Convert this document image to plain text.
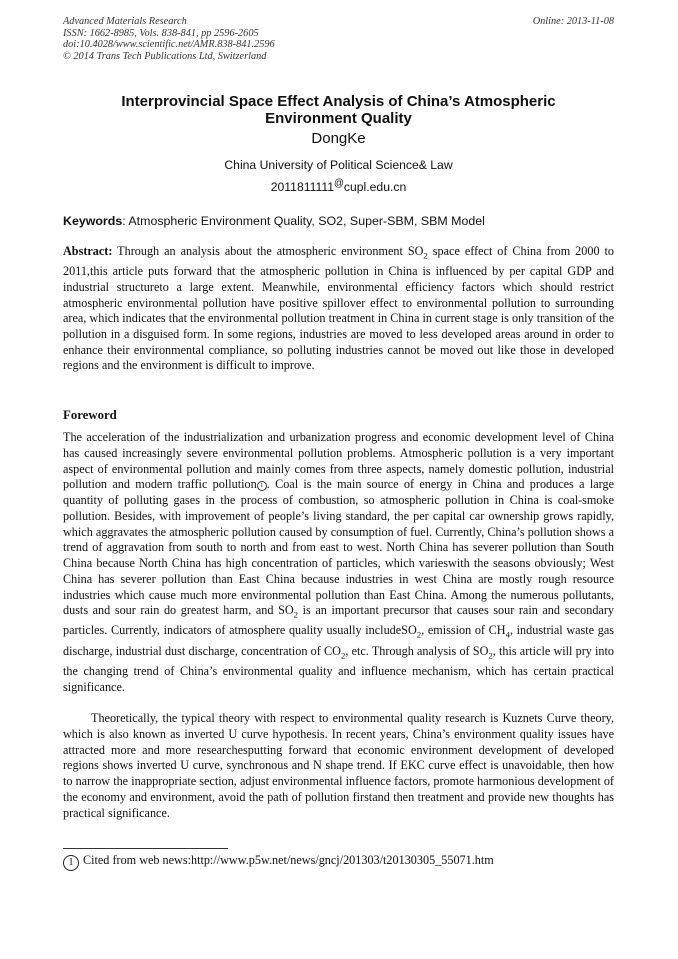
Advanced Materials Research
ISSN: 1662-8985, Vols. 838-841, pp 2596-2605
doi:10.4028/www.scientific.net/AMR.838-841.2596
© 2014 Trans Tech Publications Ltd, Switzerland
Online: 2013-11-08
Interprovincial Space Effect Analysis of China’s Atmospheric
Environment Quality
DongKe
China University of Political Science& Law
2011811111@cupl.edu.cn
Keywords: Atmospheric Environment Quality, SO2, Super-SBM, SBM Model

Abstract: Through an analysis about the atmospheric environment $SO_2$ space effect of China from 2000 to 2011,this article puts forward that the atmospheric pollution in China is influenced by per capital GDP and industrial structureto a large extent. Meanwhile, environmental efficiency factors which should restrict atmospheric environmental pollution have positive spillover effect to environmental pollution to surrounding area, which indicates that the environmental pollution treatment in China in current stage is only transition of the pollution in a disguised form. In some regions, industries are moved to less developed areas around in order to enhance their environmental compliance, so polluting industries cannot be moved out like those in developed regions and the environment is difficult to improve.

Foreword

The acceleration of the industrialization and urbanization progress and economic development level of China has caused increasingly severe environmental pollution problems. Atmospheric pollution is a very important aspect of environmental pollution and mainly comes from three aspects, namely domestic pollution, industrial pollution and modern traffic pollution 1 . Coal is the main source of energy in China and produces a large quantity of polluting gases in the process of combustion, so atmospheric pollution in China is coal-smoke pollution. Besides, with improvement of people’s living standard, the per capital car ownership grows rapidly, which aggravates the atmospheric pollution caused by consumption of fuel. Currently, China’s pollution shows a trend of aggravation from south to north and from east to west. North China has severer pollution than South China because North China has high concentration of particles, which varieswith the seasons obviously; West China has severer pollution than East China because industries in west China are mostly rough resource industries which cause much more environmental pollution than East China. Among the numerous pollutants, dusts and sour rain do greatest harm, and $SO_2$ is an important precursor that causes sour rain and secondary particles. Currently, indicators of atmosphere quality usually includeSO$_2$, emission of $CH_4$, industrial waste gas discharge, industrial dust discharge, concentration of $CO_2$, etc. Through analysis of $SO_2$, this article will pry into the changing trend of China’s environmental quality and influence mechanism, which has certain practical significance.

Theoretically, the typical theory with respect to environmental quality research is Kuznets Curve theory, which is also known as inverted U curve hypothesis. In recent years, China’s environment quality issues have attracted more and more researchesputting forward that economic environment development of developed regions shows inverted U curve, synchronous and N shape trend. If EKC curve effect is unavoidable, then how to narrow the inappropriate section, adjust environmental influence factors, promote harmonious development of the economy and environment, avoid the path of pollution firstand then treatment and provide new thoughts has practical significance.

1 Cited from web news:http://www.p5w.net/news/gncj/201303/t20130305_55071.htm
